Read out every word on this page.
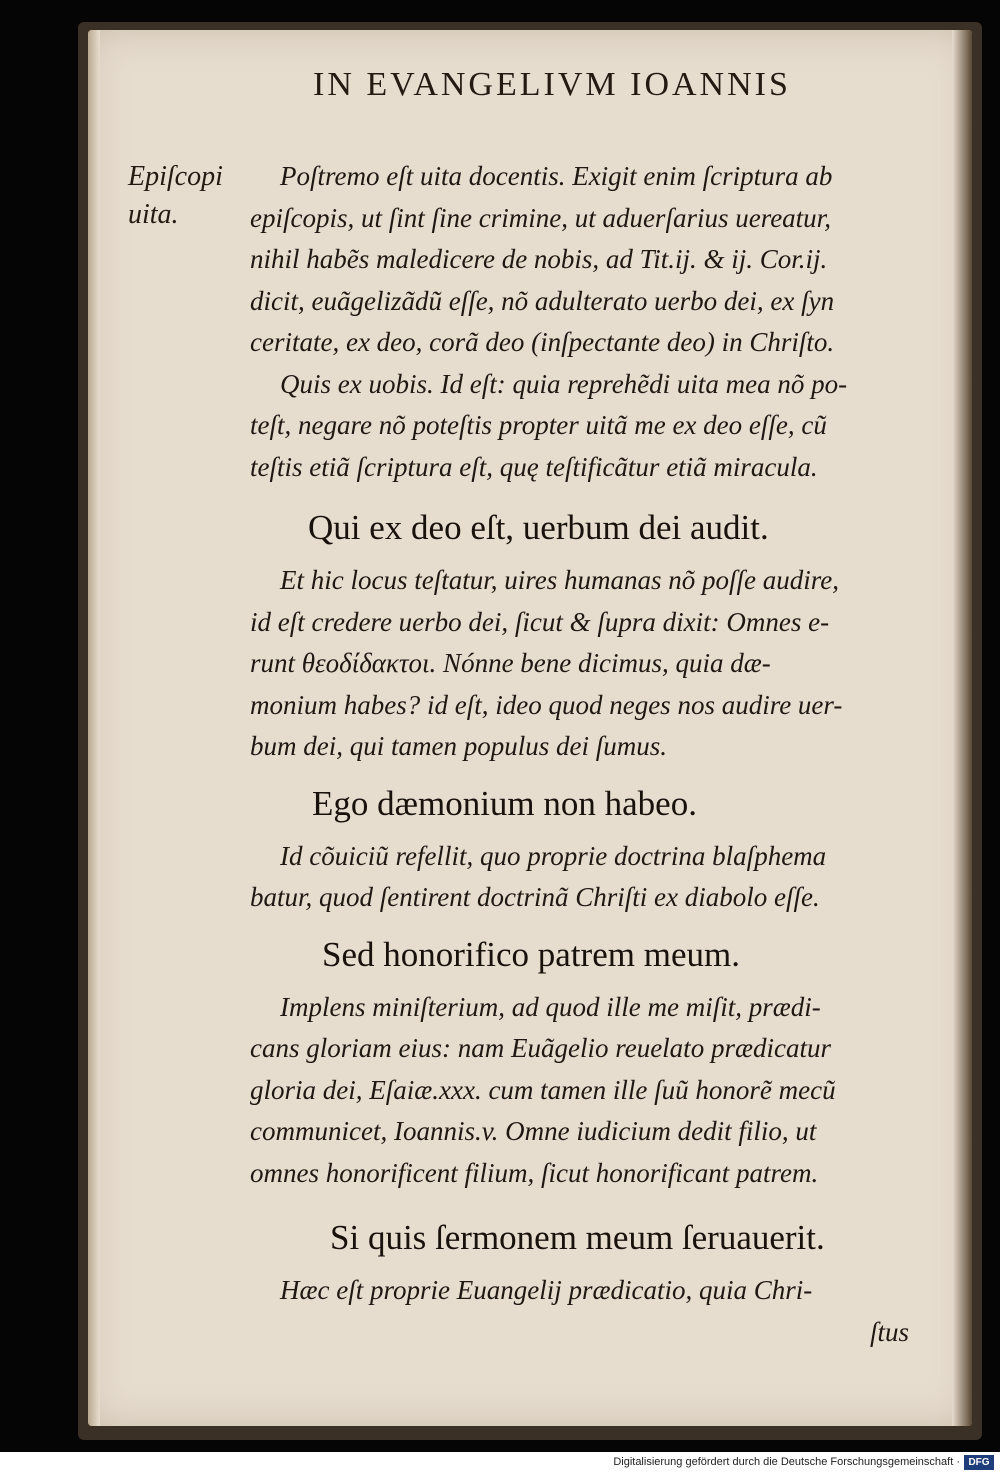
IN EVANGELIVM IOANNIS
Epiſcopi
uita.
Poſtremo eſt uita docentis. Exigit enim ſcriptura ab
epiſcopis, ut ſint ſine crimine, ut aduerſarius uereatur,
nihil habẽs maledicere de nobis, ad Tit.ij. & ij. Cor.ij.
dicit, euãgelizãdũ eſſe, nõ adulterato uerbo dei, ex ſyn
ceritate, ex deo, corã deo (inſpectante deo) in Chriſto.
Quis ex uobis. Id eſt: quia reprehẽdi uita mea nõ po-
teſt, negare nõ poteſtis propter uitã me ex deo eſſe, cũ
teſtis etiã ſcriptura eſt, quę teſtificãtur etiã miracula.
Qui ex deo eſt, uerbum dei audit.
Et hic locus teſtatur, uires humanas nõ poſſe audire,
id eſt credere uerbo dei, ſicut & ſupra dixit: Omnes e-
runt θεοδίδακτοι. Nónne bene dicimus, quia dæ-
monium habes? id eſt, ideo quod neges nos audire uer-
bum dei, qui tamen populus dei ſumus.
Ego dæmonium non habeo.
Id cõuiciũ refellit, quo proprie doctrina blaſphema
batur, quod ſentirent doctrinã Chriſti ex diabolo eſſe.
Sed honorifico patrem meum.
Implens miniſterium, ad quod ille me miſit, prædi-
cans gloriam eius: nam Euãgelio reuelato prædicatur
gloria dei, Eſaiæ.xxx. cum tamen ille ſuũ honorẽ mecũ
communicet, Ioannis.v. Omne iudicium dedit filio, ut
omnes honorificent filium, ſicut honorificant patrem.
Si quis ſermonem meum ſeruauerit.
Hæc eſt proprie Euangelij prædicatio, quia Chri-
ſtus
Digitalisierung gefördert durch die Deutsche Forschungsgemeinschaft · DFG
